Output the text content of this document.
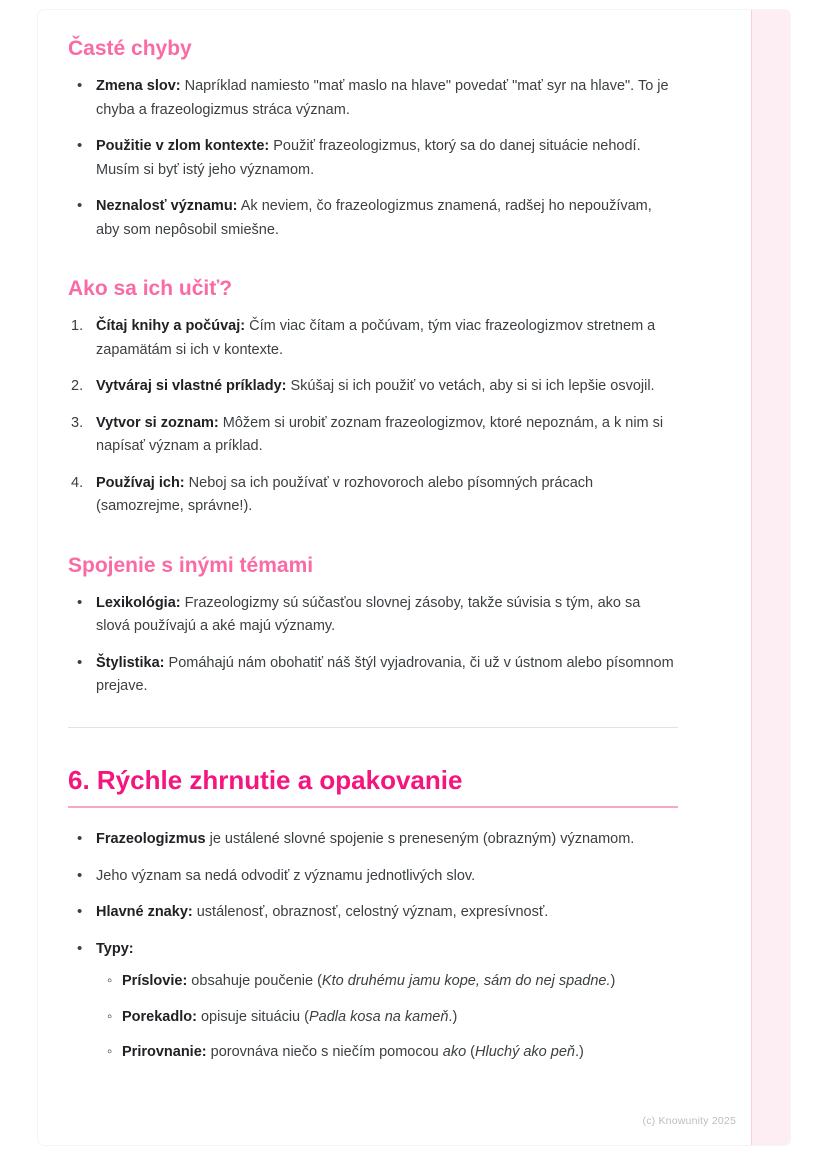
Časté chyby
• Zmena slov: Napríklad namiesto "mať maslo na hlave" povedať "mať syr na hlave". To je chyba a frazeologizmus stráca význam.
• Použitie v zlom kontexte: Použiť frazeologizmus, ktorý sa do danej situácie nehodí. Musím si byť istý jeho významom.
• Neznalosť významu: Ak neviem, čo frazeologizmus znamená, radšej ho nepoužívam, aby som nepôsobil smiešne.
Ako sa ich učiť?
Čítaj knihy a počúvaj: Čím viac čítam a počúvam, tým viac frazeologizmov stretnem a zapamätám si ich v kontexte.
Vytváraj si vlastné príklady: Skúšaj si ich použiť vo vetách, aby si si ich lepšie osvojil.
Vytvor si zoznam: Môžem si urobiť zoznam frazeologizmov, ktoré nepoznám, a k nim si napísať význam a príklad.
Používaj ich: Neboj sa ich používať v rozhovoroch alebo písomných prácach (samozrejme, správne!).
Spojenie s inými témami
• Lexikológia: Frazeologizmy sú súčasťou slovnej zásoby, takže súvisia s tým, ako sa slová používajú a aké majú významy.
• Štylistika: Pomáhajú nám obohatiť náš štýl vyjadrovania, či už v ústnom alebo písomnom prejave.
6. Rýchle zhrnutie a opakovanie
• Frazeologizmus je ustálené slovné spojenie s preneseným (obrazným) významom.
• Jeho význam sa nedá odvodiť z významu jednotlivých slov.
• Hlavné znaky: ustálenosť, obraznosť, celostný význam, expresívnosť.
• Typy:
◦ Príslovie: obsahuje poučenie (Kto druhému jamu kope, sám do nej spadne.)
◦ Porekadlo: opisuje situáciu (Padla kosa na kameň.)
◦ Prirovnanie: porovnáva niečo s niečím pomocou ako (Hluchý ako peň.)
(c) Knowunity 2025
